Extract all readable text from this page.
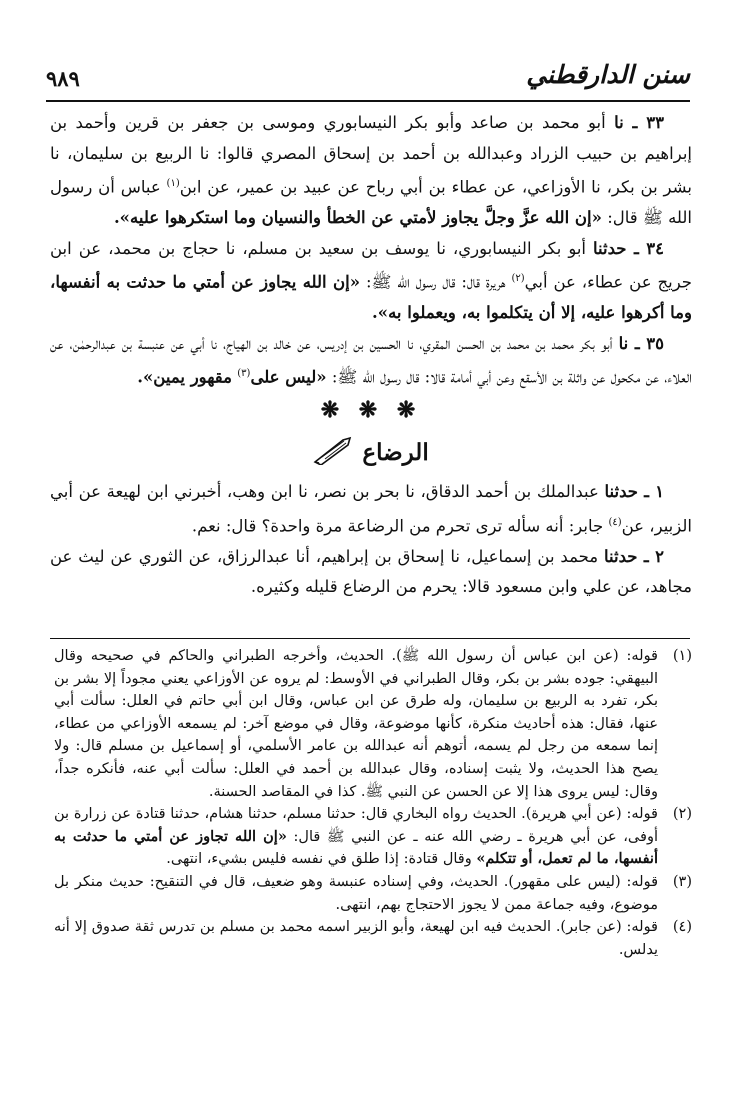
سنن الدارقطني
٩٨٩

٣٣ ـ نا أبو محمد بن صاعد وأبو بكر النيسابوري وموسى بن جعفر بن قرين وأحمد بن إبراهيم بن حبيب الزراد وعبدالله بن أحمد بن إسحاق المصري قالوا: نا الربيع بن سليمان، نا بشر بن بكر، نا الأوزاعي، عن عطاء بن أبي رباح عن عبيد بن عمير، عن ابن$^{(١)}$ عباس أن رسول الله ﷺ قال: «إن الله عزَّ وجلَّ يجاوز لأمتي عن الخطأ والنسيان وما استكرهوا عليه».

٣٤ ـ حدثنا أبو بكر النيسابوري، نا يوسف بن سعيد بن مسلم، نا حجاج بن محمد، عن ابن جريج عن عطاء، عن أبي$^{(٢)}$ هريرة قال: قال رسول الله ﷺ: «إن الله يجاوز عن أمتي ما حدثت به أنفسها، وما أكرهوا عليه، إلا أن يتكلموا به، ويعملوا به».

٣٥ ـ نا أبو بكر محمد بن محمد بن الحسن المقري، نا الحسين بن إدريس، عن خالد بن الهياج، نا أبي عن عنبسة بن عبدالرحمٰن، عن العلاء، عن مكحول عن واثلة بن الأسقع وعن أبي أمامة قالا: قال رسول الله ﷺ: «ليس على$^{(٣)}$ مقهور يمين».

❋ ❋ ❋
الرضاع

١ ـ حدثنا عبدالملك بن أحمد الدقاق، نا بحر بن نصر، نا ابن وهب، أخبرني ابن لهيعة عن أبي الزبير، عن$^{(٤)}$ جابر: أنه سأله ترى تحرم من الرضاعة مرة واحدة؟ قال: نعم.

٢ ـ حدثنا محمد بن إسماعيل، نا إسحاق بن إبراهيم، أنا عبدالرزاق، عن الثوري عن ليث عن مجاهد، عن علي وابن مسعود قالا: يحرم من الرضاع قليله وكثيره.

(١)
قوله: (عن ابن عباس أن رسول الله ﷺ). الحديث، وأخرجه الطبراني والحاكم في صحيحه وقال البيهقي: جوده بشر بن بكر، وقال الطبراني في الأوسط: لم يروه عن الأوزاعي يعني مجوداً إلا بشر بن بكر، تفرد به الربيع بن سليمان، وله طرق عن ابن عباس، وقال ابن أبي حاتم في العلل: سألت أبي عنها، فقال: هذه أحاديث منكرة، كأنها موضوعة، وقال في موضع آخر: لم يسمعه الأوزاعي من عطاء، إنما سمعه من رجل لم يسمه، أتوهم أنه عبدالله بن عامر الأسلمي، أو إسماعيل بن مسلم قال: ولا يصح هذا الحديث، ولا يثبت إسناده، وقال عبدالله بن أحمد في العلل: سألت أبي عنه، فأنكره جداً، وقال: ليس يروى هذا إلا عن الحسن عن النبي ﷺ. كذا في المقاصد الحسنة.
(٢)
قوله: (عن أبي هريرة). الحديث رواه البخاري قال: حدثنا مسلم، حدثنا هشام، حدثنا قتادة عن زرارة بن أوفى، عن أبي هريرة ـ رضي الله عنه ـ عن النبي ﷺ قال: «إن الله تجاوز عن أمتي ما حدثت به أنفسها، ما لم تعمل، أو تتكلم» وقال قتادة: إذا طلق في نفسه فليس بشيء، انتهى.
(٣)
قوله: (ليس على مقهور). الحديث، وفي إسناده عنبسة وهو ضعيف، قال في التنقيح: حديث منكر بل موضوع، وفيه جماعة ممن لا يجوز الاحتجاج بهم، انتهى.
(٤)
قوله: (عن جابر). الحديث فيه ابن لهيعة، وأبو الزبير اسمه محمد بن مسلم بن تدرس ثقة صدوق إلا أنه يدلس.
